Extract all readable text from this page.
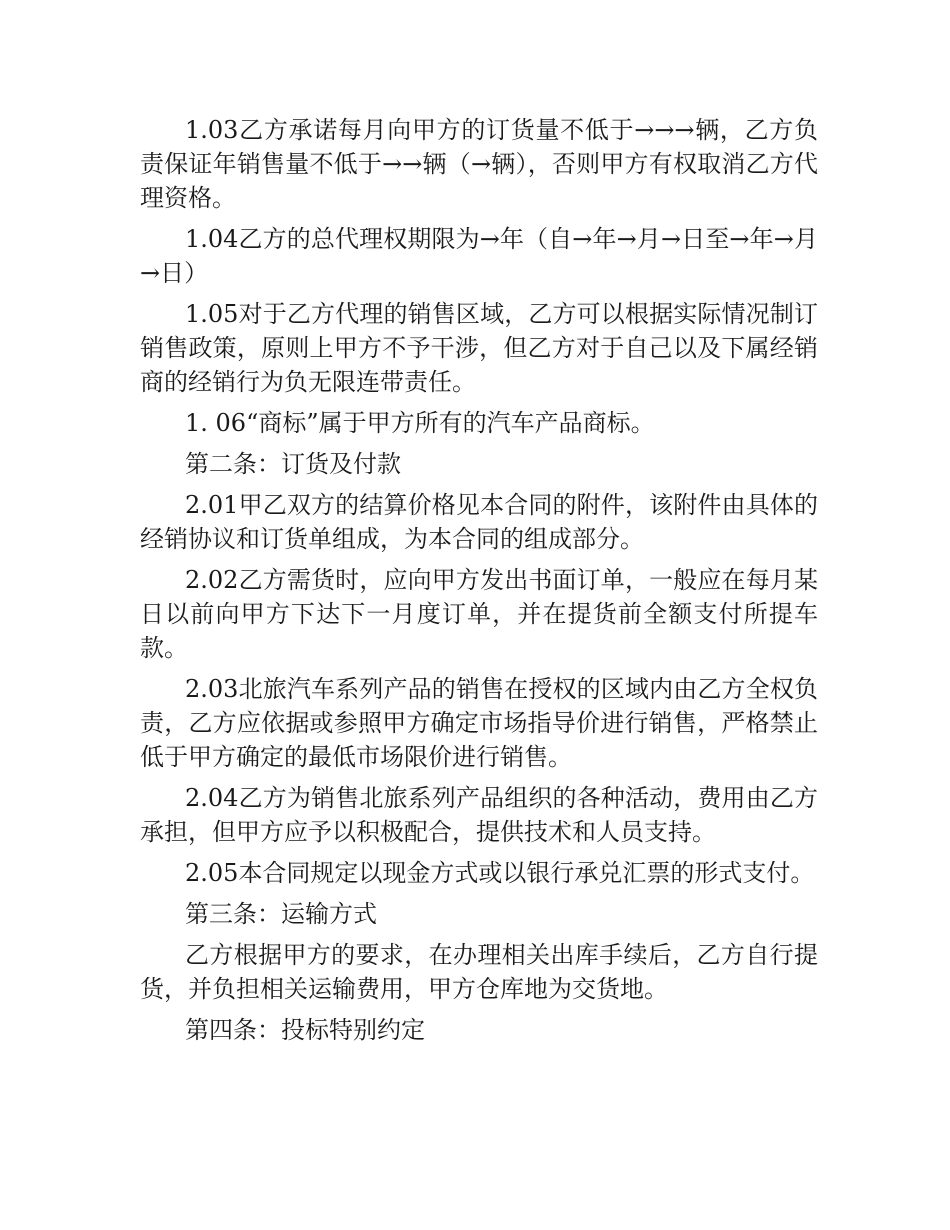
1.03乙方承诺每月向甲方的订货量不低于→→→辆，乙方负责保证年销售量不低于→→辆（→辆），否则甲方有权取消乙方代理资格。

1.04乙方的总代理权期限为→年（自→年→月→日至→年→月→日）

1.05对于乙方代理的销售区域，乙方可以根据实际情况制订销售政策，原则上甲方不予干涉，但乙方对于自己以及下属经销商的经销行为负无限连带责任。

1. 06“商标”属于甲方所有的汽车产品商标。

第二条：订货及付款

2.01甲乙双方的结算价格见本合同的附件，该附件由具体的经销协议和订货单组成，为本合同的组成部分。

2.02乙方需货时，应向甲方发出书面订单，一般应在每月某日以前向甲方下达下一月度订单，并在提货前全额支付所提车款。

2.03北旅汽车系列产品的销售在授权的区域内由乙方全权负责，乙方应依据或参照甲方确定市场指导价进行销售，严格禁止低于甲方确定的最低市场限价进行销售。

2.04乙方为销售北旅系列产品组织的各种活动，费用由乙方承担，但甲方应予以积极配合，提供技术和人员支持。

2.05本合同规定以现金方式或以银行承兑汇票的形式支付。

第三条：运输方式

乙方根据甲方的要求，在办理相关出库手续后，乙方自行提货，并负担相关运输费用，甲方仓库地为交货地。

第四条：投标特别约定
